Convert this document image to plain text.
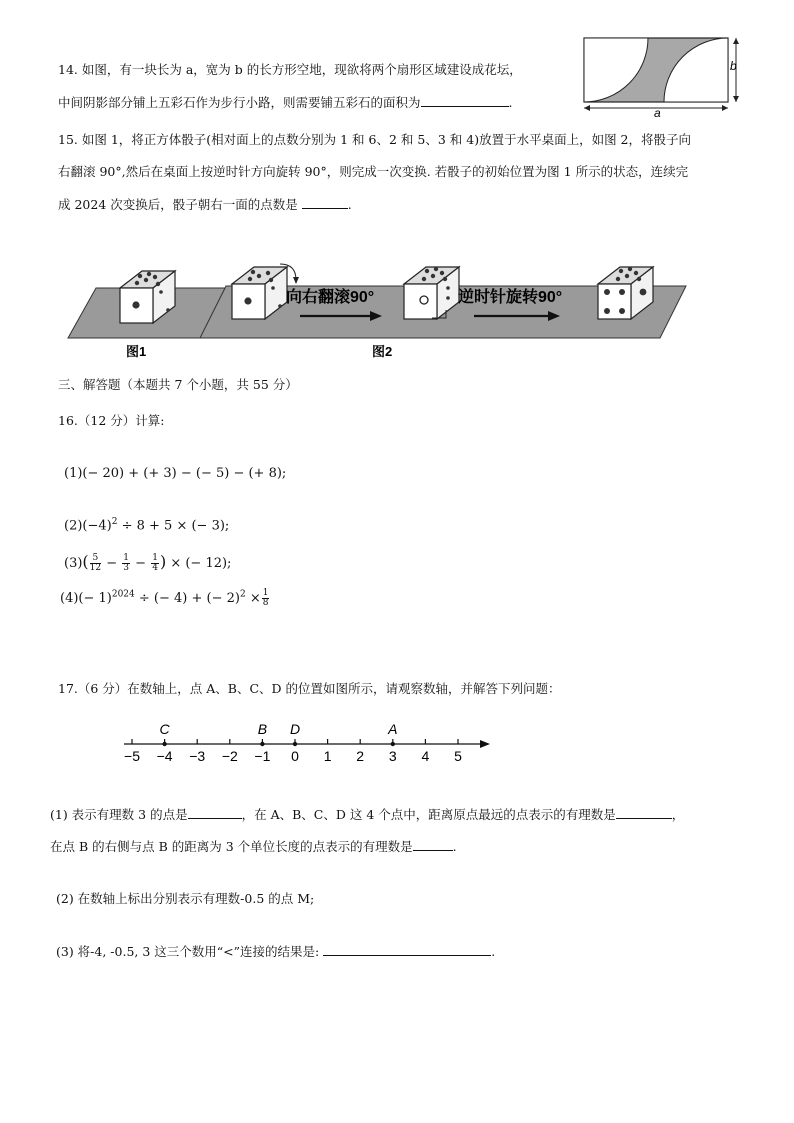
14. 如图，有一块长为 a，宽为 b 的长方形空地，现欲将两个扇形区域建设成花坛，
中间阴影部分铺上五彩石作为步行小路，则需要铺五彩石的面积为	.
b
a
15. 如图 1，将正方体骰子(相对面上的点数分别为 1 和 6、2 和 5、3 和 4)放置于水平桌面上，如图 2，将骰子向
右翻滚 90°,然后在桌面上按逆时针方向旋转 90°，则完成一次变换. 若骰子的初始位置为图 1 所示的状态，连续完
成 2024 次变换后，骰子朝右一面的点数是	.
向右翻滚90°	逆时针旋转90°
图1	图2
三、解答题（本题共 7 个小题，共 55 分）
16.（12 分）计算:
(1)(− 20) + (+ 3) − (− 5) − (+ 8);
$(2)(-4)^2 \div 8 + 5$ × (− 3);
$(3)( \frac{5}{12} - \frac{1}{3} - \frac{1}{4}$ ) × (− 12);
$(4)(- 1)^{2024}$ ÷ (− 4) + (− $2)^2 \times \frac{1}{8}$
17.（6 分）在数轴上，点 A、B、C、D 的位置如图所示，请观察数轴，并解答下列问题：
−5 −4 −3 −2 −1 0 1 2 3 4 5
C	B D	A
(1) 表示有理数 3 的点是	，在 A、B、C、D 这 4 个点中，距离原点最远的点表示的有理数是	，
在点 B 的右侧与点 B 的距离为 3 个单位长度的点表示的有理数是	.
(2) 在数轴上标出分别表示有理数-0.5 的点 M;
(3) 将-4, -0.5, 3 这三个数用“<”连接的结果是:	.
